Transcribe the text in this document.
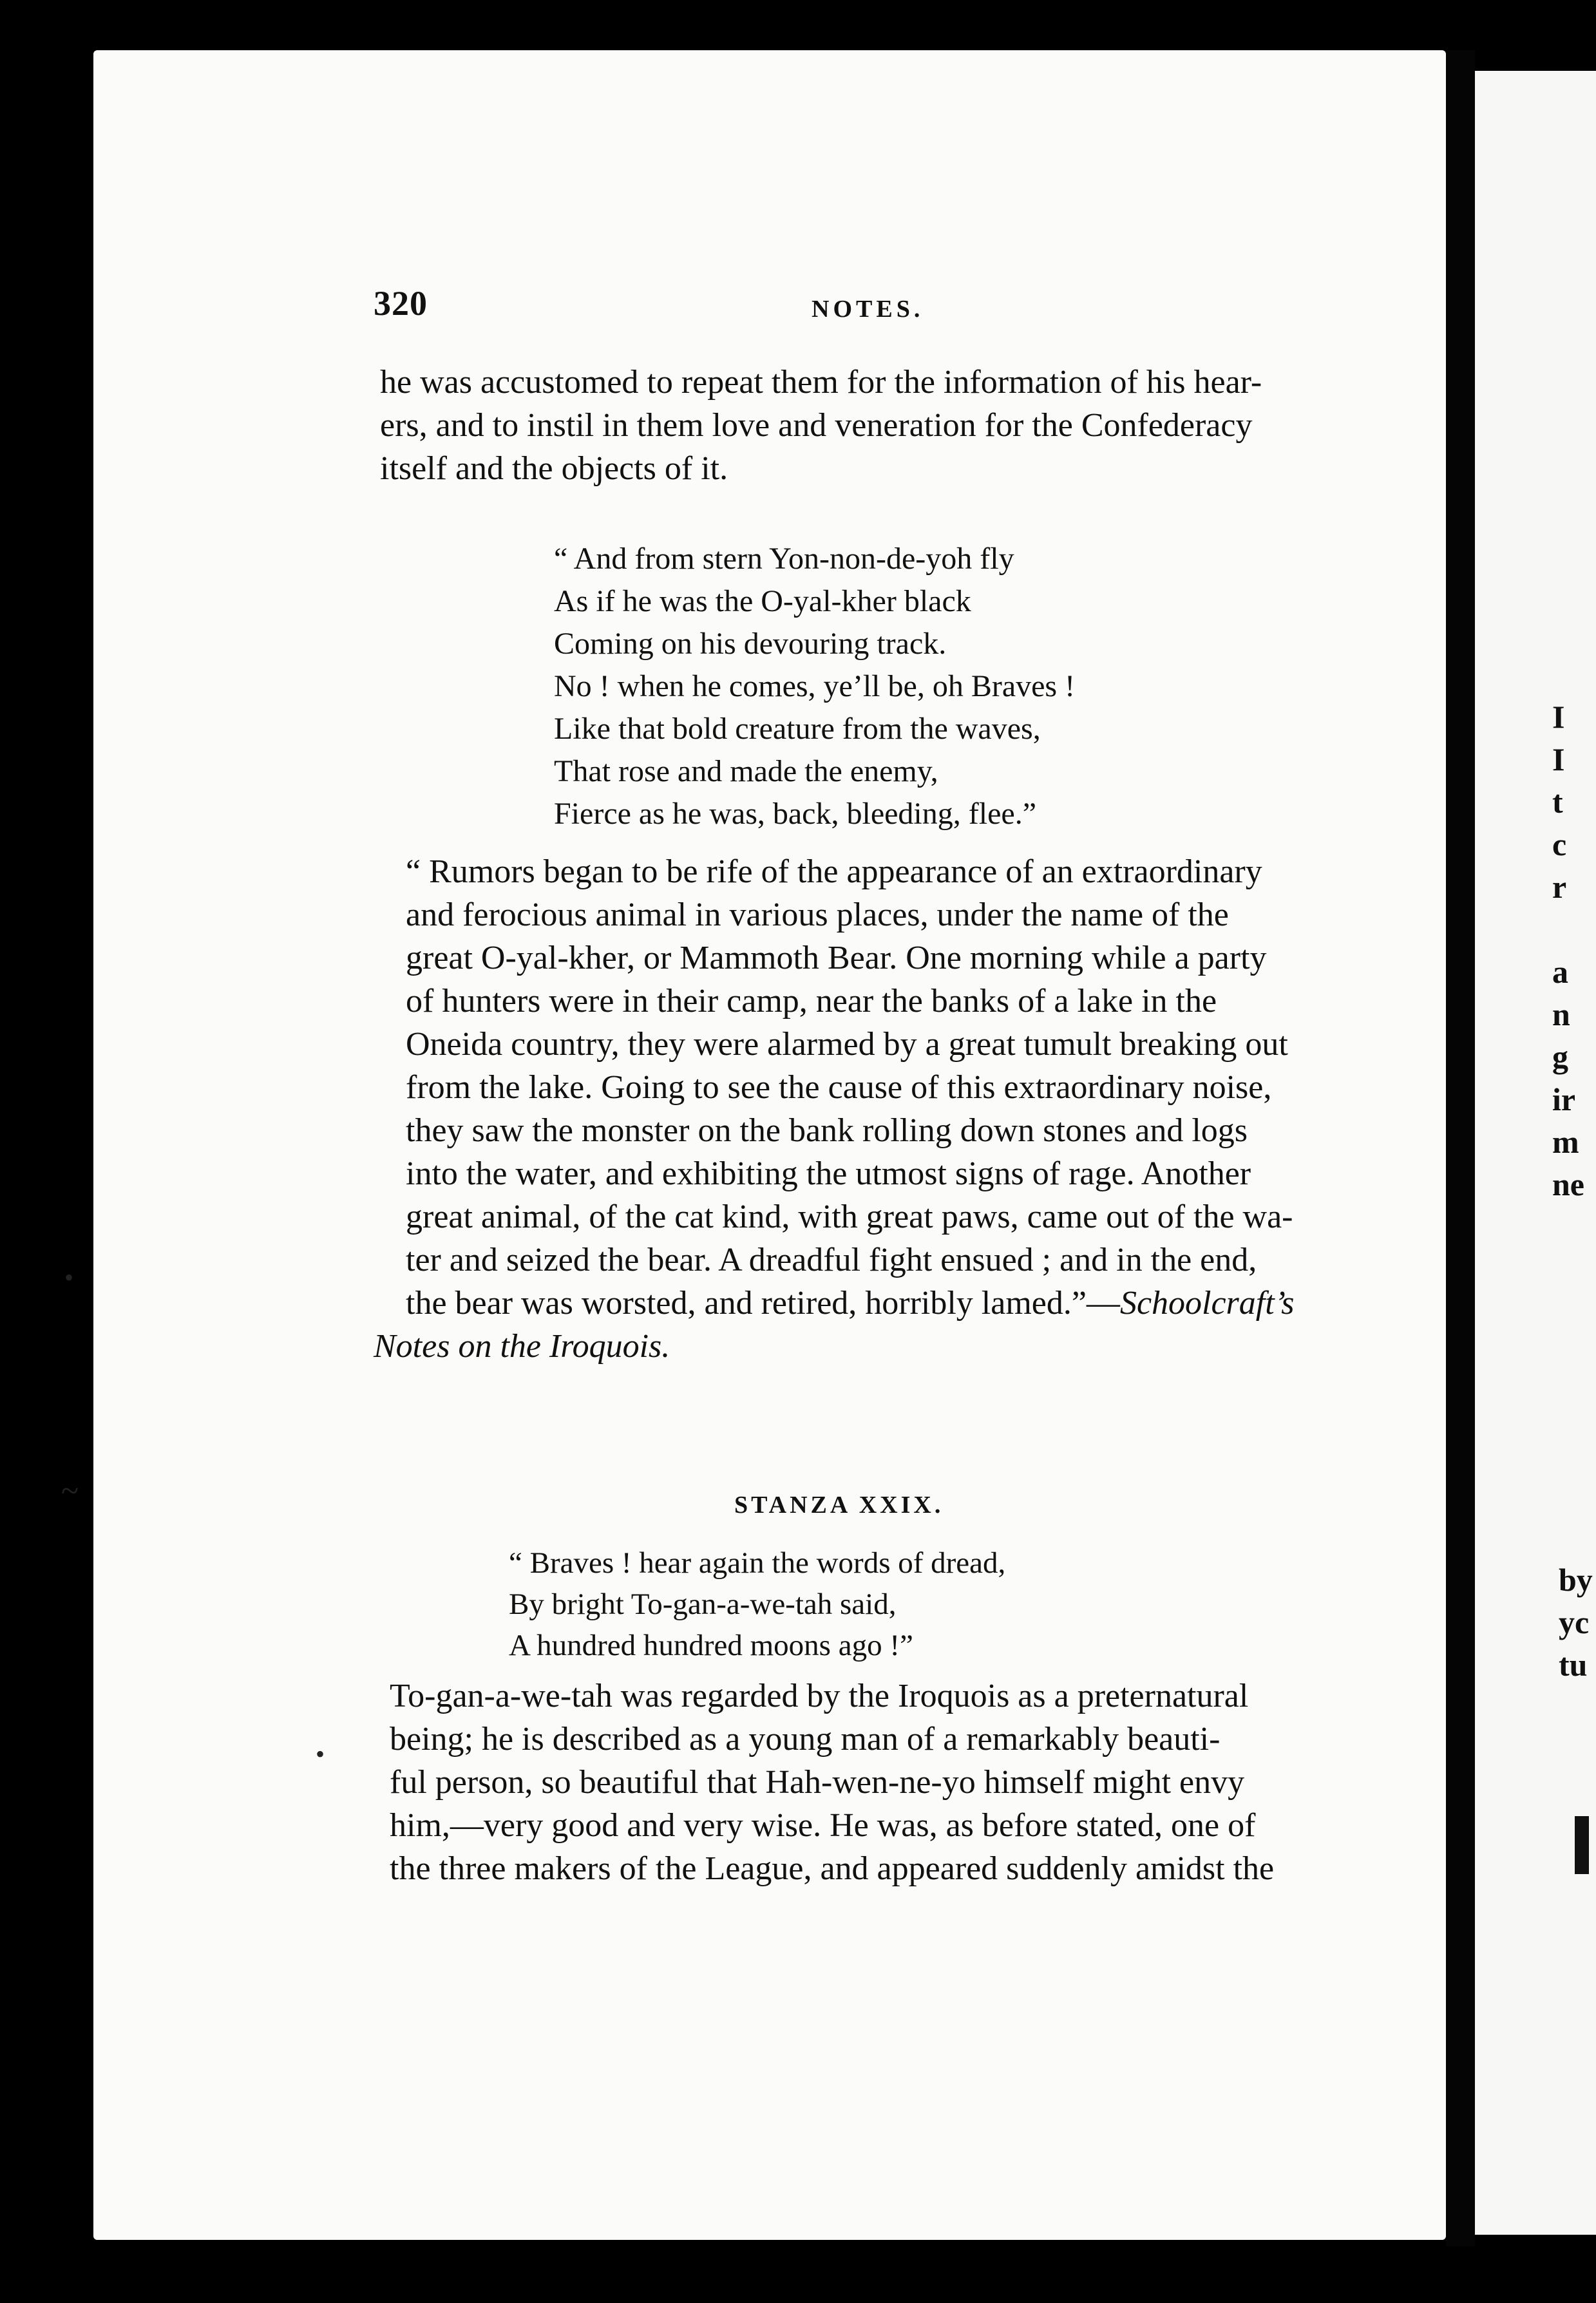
320	NOTES.
he was accustomed to repeat them for the information of his hear-
ers, and to instil in them love and veneration for the Confederacy
itself and the objects of it.
“ And from stern Yon-non-de-yoh fly
As if he was the O-yal-kher black
Coming on his devouring track.
No ! when he comes, ye’ll be, oh Braves !
Like that bold creature from the waves,
That rose and made the enemy,
Fierce as he was, back, bleeding, flee.”
“ Rumors began to be rife of the appearance of an extraordinary
and ferocious animal in various places, under the name of the
great O-yal-kher, or Mammoth Bear. One morning while a party
of hunters were in their camp, near the banks of a lake in the
Oneida country, they were alarmed by a great tumult breaking out
from the lake. Going to see the cause of this extraordinary noise,
they saw the monster on the bank rolling down stones and logs
into the water, and exhibiting the utmost signs of rage. Another
great animal, of the cat kind, with great paws, came out of the wa-
ter and seized the bear. A dreadful fight ensued ; and in the end,
the bear was worsted, and retired, horribly lamed.”—Schoolcraft’s
Notes on the Iroquois.
STANZA XXIX.
“ Braves ! hear again the words of dread,
By bright To-gan-a-we-tah said,
A hundred hundred moons ago !”
To-gan-a-we-tah was regarded by the Iroquois as a preternatural
being; he is described as a young man of a remarkably beauti-
ful person, so beautiful that Hah-wen-ne-yo himself might envy
him,—very good and very wise. He was, as before stated, one of
the three makers of the League, and appeared suddenly amidst the
•
•
~
I
I
t
c
r

a
n
g
ir
m
ne
by
yc
tu
